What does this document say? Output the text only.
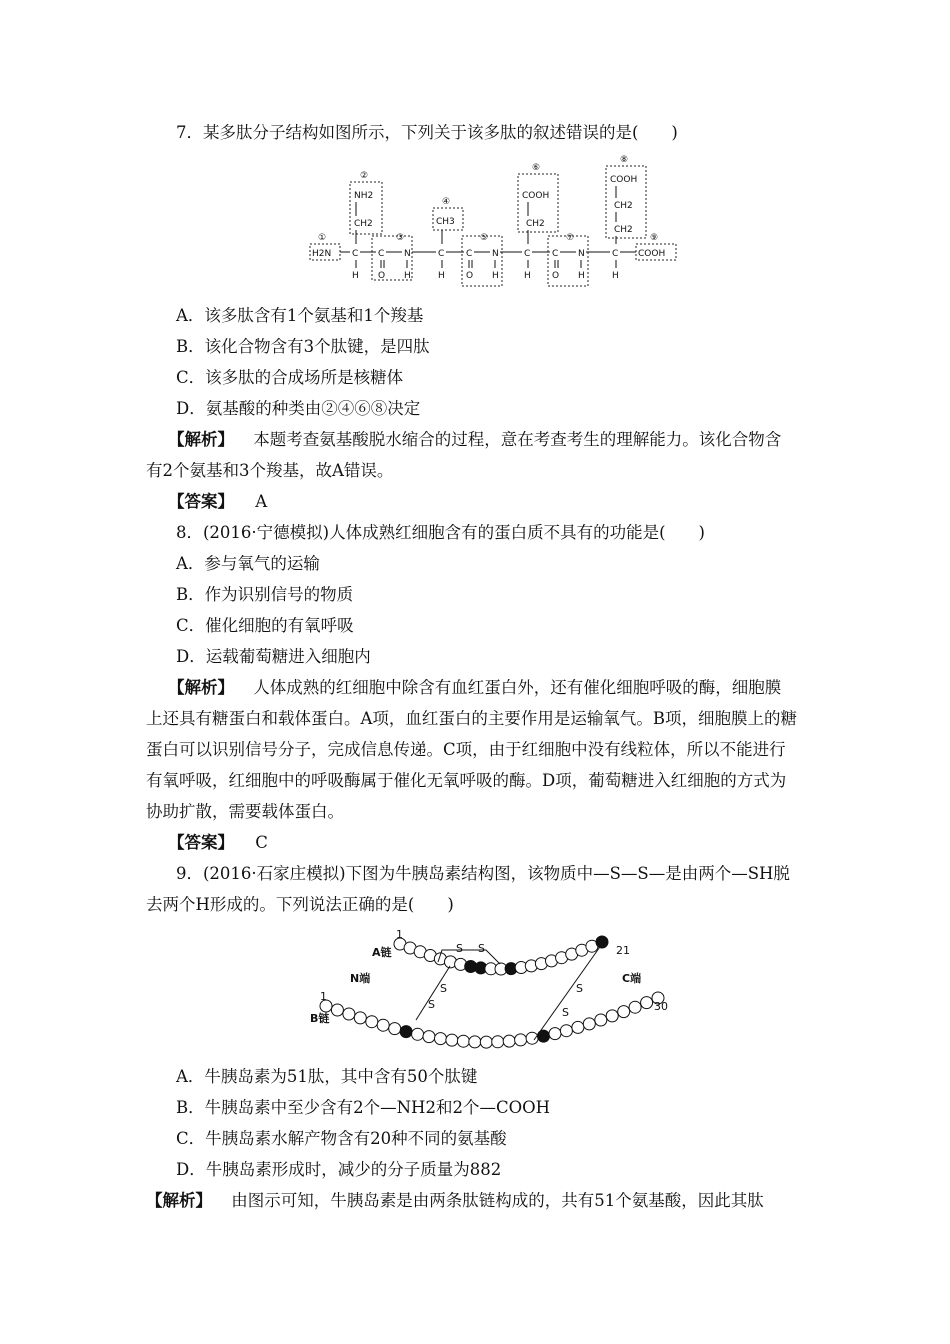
7．某多肽分子结构如图所示，下列关于该多肽的叙述错误的是(　　)
①
②
③
④
⑤
⑥
⑦
⑧
⑨
H2N
NH2
CH2	CH3
COOH
CH2
COOH
CH2
CH2
COOH
C C N	C C N	C C N	C
H O H	H O H	H O H	H
A．该多肽含有1个氨基和1个羧基
B．该化合物含有3个肽键，是四肽
C．该多肽的合成场所是核糖体
D．氨基酸的种类由②④⑥⑧决定
【解析】 本题考查氨基酸脱水缩合的过程，意在考查考生的理解能力。该化合物含
有2个氨基和3个羧基，故A错误。
【答案】 A
8．(2016·宁德模拟)人体成熟红细胞含有的蛋白质不具有的功能是(　　)
A．参与氧气的运输
B．作为识别信号的物质
C．催化细胞的有氧呼吸
D．运载葡萄糖进入细胞内
【解析】 人体成熟的红细胞中除含有血红蛋白外，还有催化细胞呼吸的酶，细胞膜
上还具有糖蛋白和载体蛋白。A项，血红蛋白的主要作用是运输氧气。B项，细胞膜上的糖
蛋白可以识别信号分子，完成信息传递。C项，由于红细胞中没有线粒体，所以不能进行
有氧呼吸，红细胞中的呼吸酶属于催化无氧呼吸的酶。D项，葡萄糖进入红细胞的方式为
协助扩散，需要载体蛋白。
【答案】 C
9．(2016·石家庄模拟)下图为牛胰岛素结构图，该物质中—S—S—是由两个—SH脱
去两个H形成的。下列说法正确的是(　　)
1
A链
N端
1
B链
21
C端
30
S S
S
S
S
S
A．牛胰岛素为51肽，其中含有50个肽键
B．牛胰岛素中至少含有2个—NH2和2个—COOH
C．牛胰岛素水解产物含有20种不同的氨基酸
D．牛胰岛素形成时，减少的分子质量为882
【解析】 由图示可知，牛胰岛素是由两条肽链构成的，共有51个氨基酸，因此其肽
